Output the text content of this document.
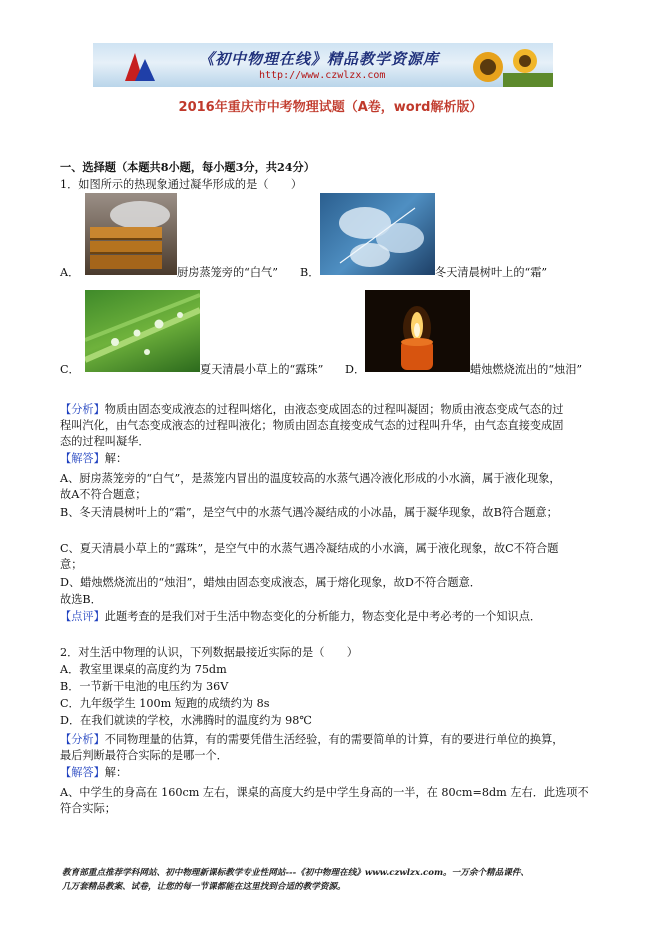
《初中物理在线》精品教学资源库
http://www.czwlzx.com
2016年重庆市中考物理试题（A卷，word解析版）
一、选择题（本题共8小题，每小题3分，共24分）
1．如图所示的热现象通过凝华形成的是（　　）
A．	厨房蒸笼旁的“白气” B．	冬天清晨树叶上的“霜”
C．	夏天清晨小草上的“露珠” D．	蜡烛燃烧流出的“烛泪”
【分析】物质由固态变成液态的过程叫熔化，由液态变成固态的过程叫凝固；物质由液态变成气态的过
程叫汽化，由气态变成液态的过程叫液化；物质由固态直接变成气态的过程叫升华，由气态直接变成固
态的过程叫凝华．
【解答】解：
A、厨房蒸笼旁的“白气”，是蒸笼内冒出的温度较高的水蒸气遇冷液化形成的小水滴，属于液化现象，
故A不符合题意；
B、冬天清晨树叶上的“霜”，是空气中的水蒸气遇冷凝结成的小冰晶，属于凝华现象，故B符合题意；
C、夏天清晨小草上的“露珠”，是空气中的水蒸气遇冷凝结成的小水滴，属于液化现象，故C不符合题
意；
D、蜡烛燃烧流出的“烛泪”，蜡烛由固态变成液态，属于熔化现象，故D不符合题意．
故选B．
【点评】此题考查的是我们对于生活中物态变化的分析能力，物态变化是中考必考的一个知识点．
2．对生活中物理的认识，下列数据最接近实际的是（　　）
A．教室里课桌的高度约为 75dm
B．一节新干电池的电压约为 36V
C．九年级学生 100m 短跑的成绩约为 8s
D．在我们就读的学校，水沸腾时的温度约为 98℃
【分析】不同物理量的估算，有的需要凭借生活经验，有的需要简单的计算，有的要进行单位的换算，
最后判断最符合实际的是哪一个．
【解答】解：
A、中学生的身高在 160cm 左右，课桌的高度大约是中学生身高的一半，在 80cm=8dm 左右．此选项不
符合实际；
教育部重点推荐学科网站、初中物理新课标教学专业性网站---《初中物理在线》www.czwlzx.com。一万余个精品课件、
几万套精品教案、试卷，让您的每一节课都能在这里找到合适的教学资源。
